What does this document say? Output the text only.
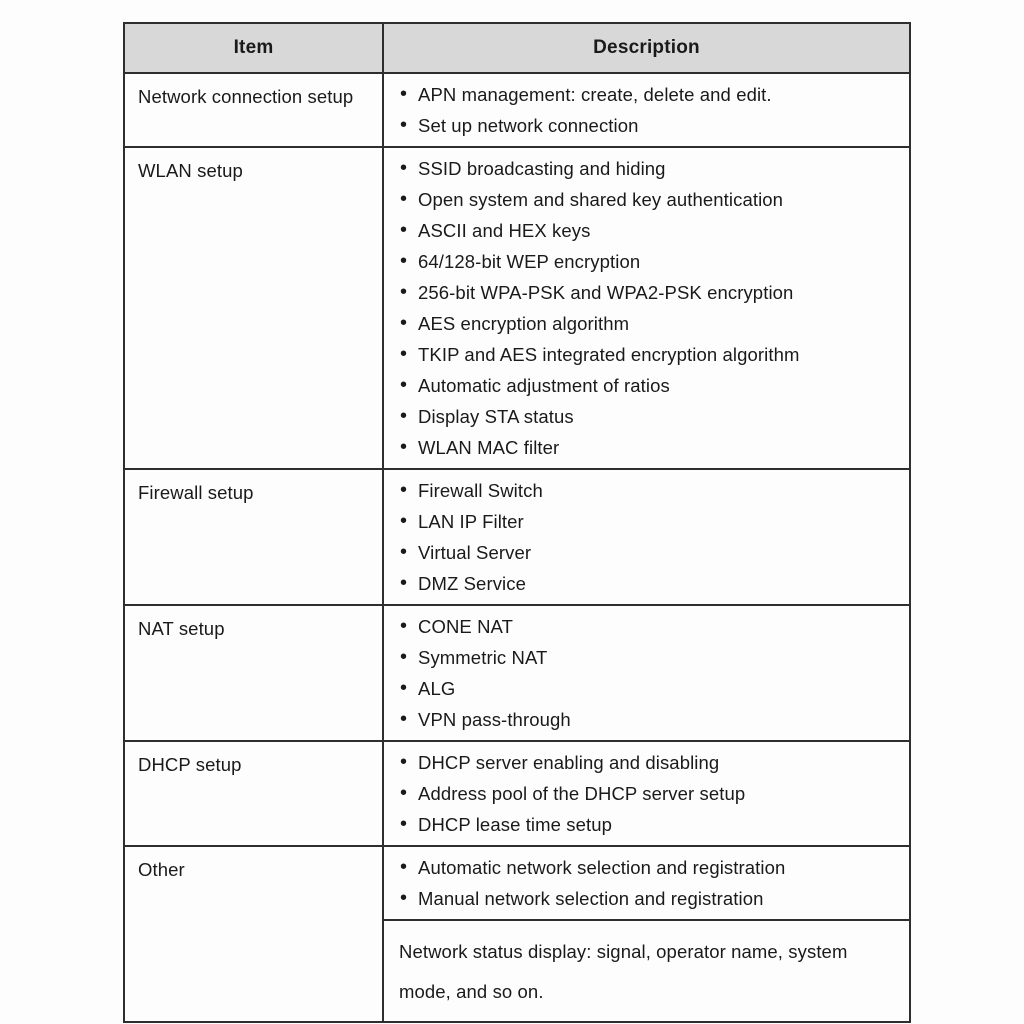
Item	Description
Network connection setup	
•APN management: create, delete and edit.
• Set up network connection

WLAN setup	
•SSID broadcasting and hiding
• Open system and shared key authentication
• ASCII and HEX keys
• 64/128-bit WEP encryption
• 256-bit WPA-PSK and WPA2-PSK encryption
• AES encryption algorithm
• TKIP and AES integrated encryption algorithm
• Automatic adjustment of ratios
• Display STA status
• WLAN MAC filter

Firewall setup	
•Firewall Switch
• LAN IP Filter
• Virtual Server
• DMZ Service

NAT setup	
•CONE NAT
• Symmetric NAT
• ALG
• VPN pass-through

DHCP setup	
•DHCP server enabling and disabling
• Address pool of the DHCP server setup
• DHCP lease time setup

Other	
•Automatic network selection and registration
• Manual network selection and registration

	Network status display: signal, operator name, system mode, and so on.
